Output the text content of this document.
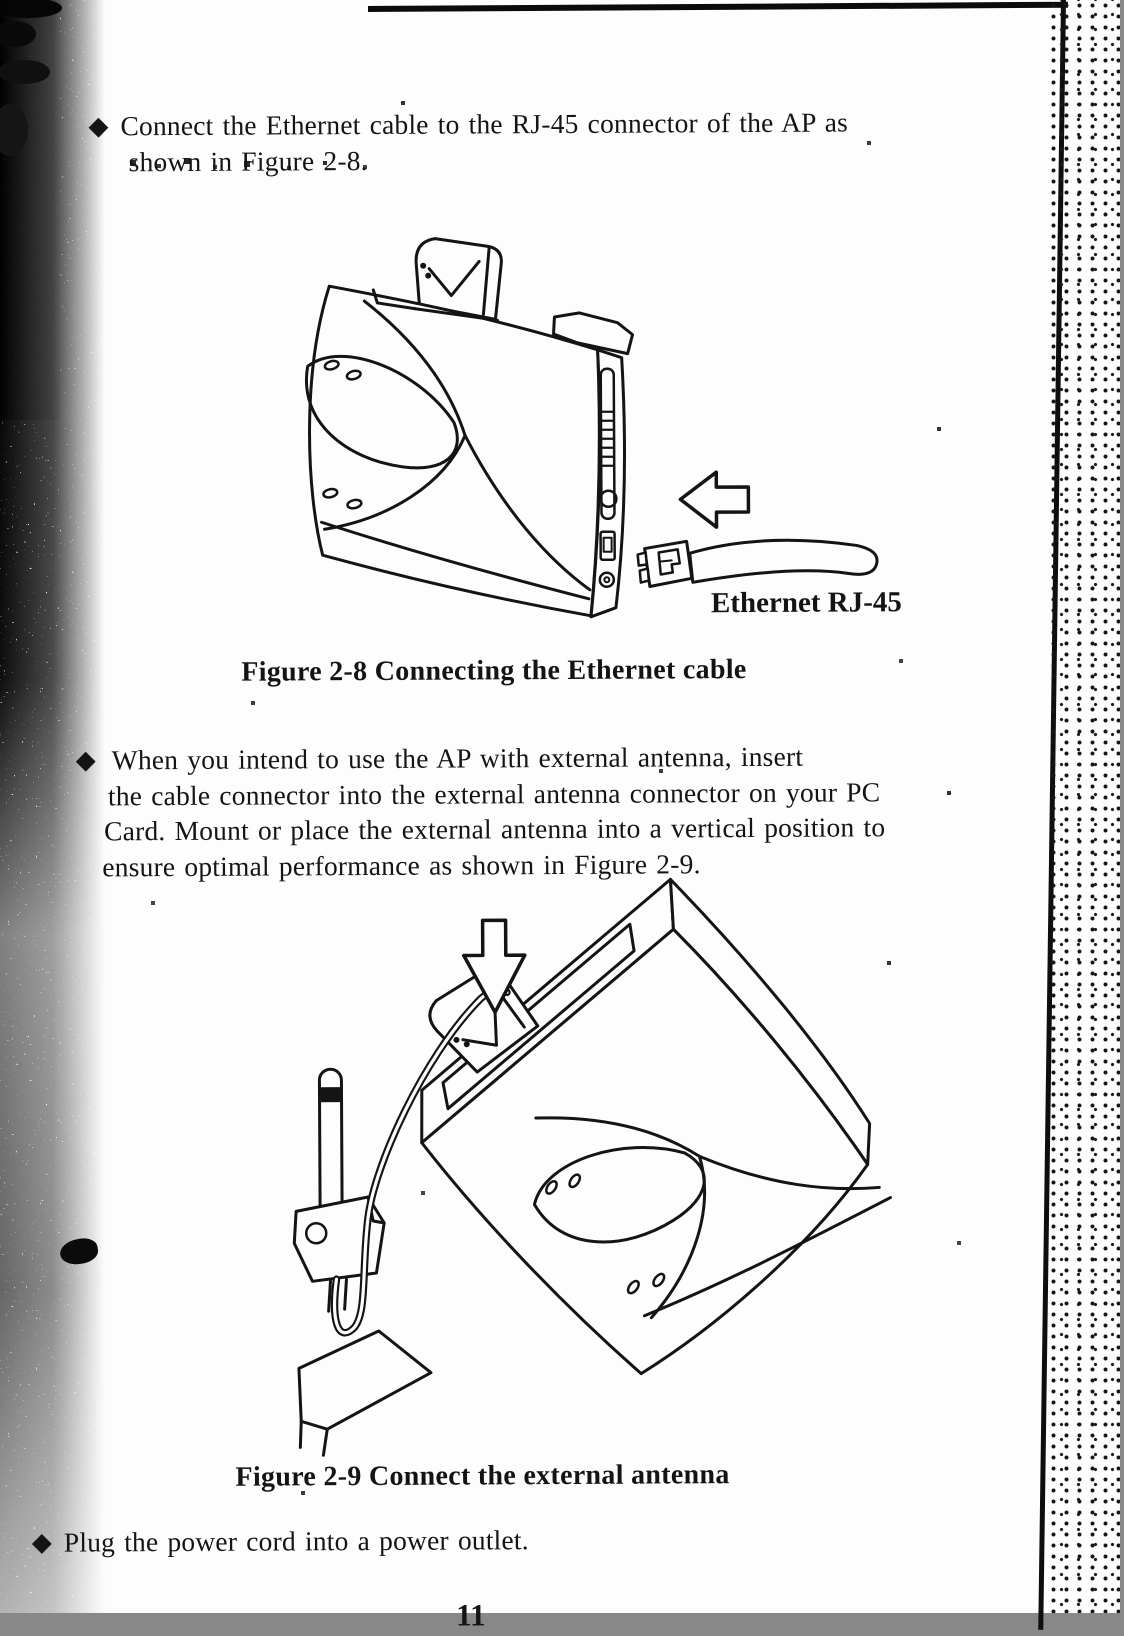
◆ Connect the Ethernet cable to the RJ-45 connector of the AP as
shown in Figure 2-8.
Ethernet RJ-45
Figure 2-8 Connecting the Ethernet cable
◆ When you intend to use the AP with external antenna, insert
the cable connector into the external antenna connector on your PC
Card. Mount or place the external antenna into a vertical position to
ensure optimal performance as shown in Figure 2-9.
Figure 2-9 Connect the external antenna
◆ Plug the power cord into a power outlet.
11
